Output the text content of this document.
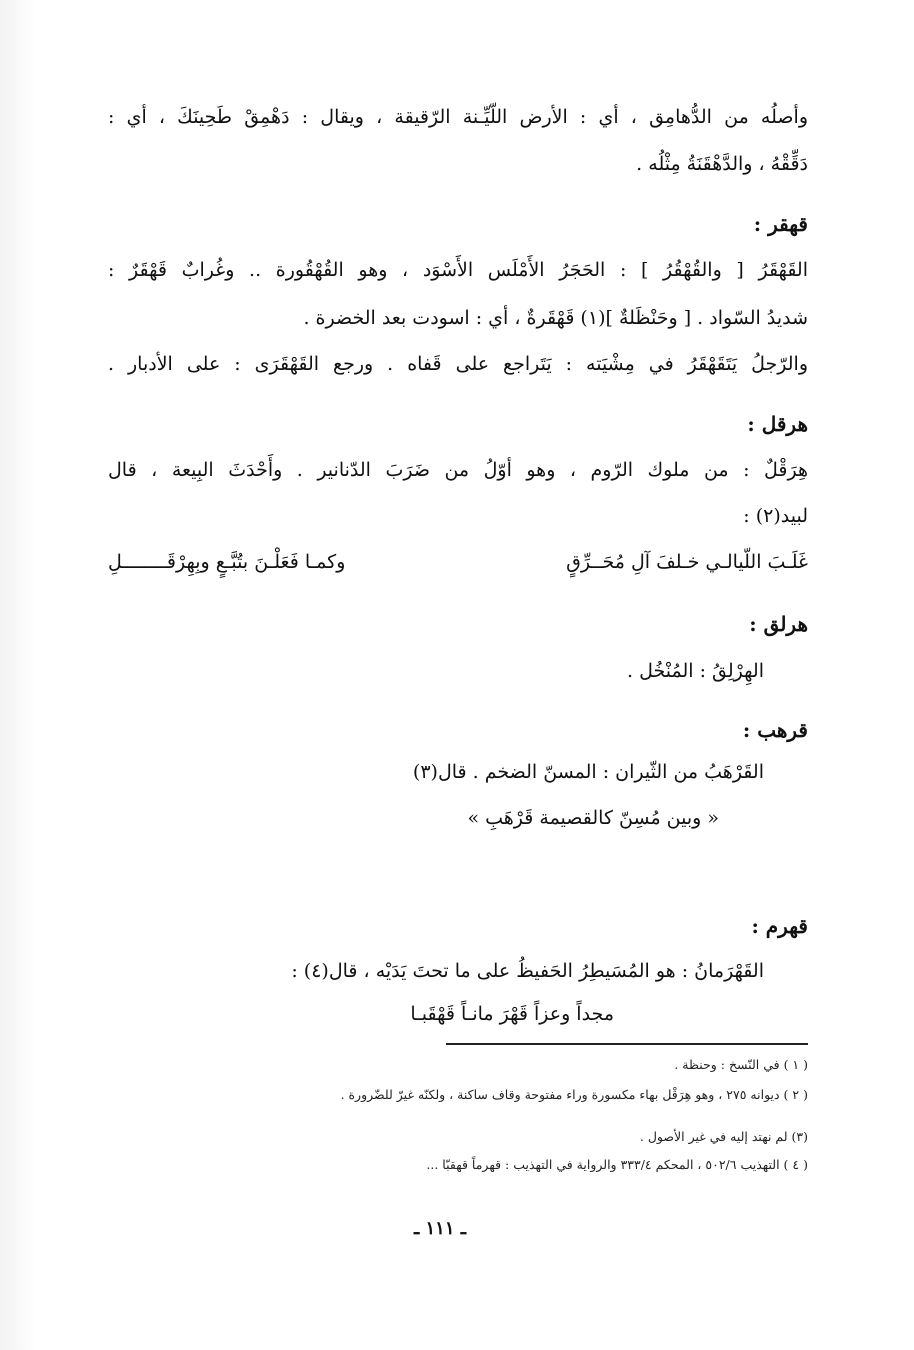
وأصلُه من الدُّهامِق ، أي : الأرض اللّيِّـنة الرّقيقة ، ويقال : دَهْمِقْ طَحِينَكَ ، أي :
دَقِّقْهُ ، والدَّهْقَنَةُ مِثْلُه .
قهقر :
القَهْقَرُ [ والقُهْقُرُ ] : الحَجَرُ الأَمْلَس الأَسْوَد ، وهو القُهْقُورة .. وغُرابٌ قَهْقَرٌ :
شديدُ السّواد . [ وحَنْظَلةٌ ](١) قَهْقَرةٌ ، أي : اسودت بعد الخضرة .
والرّجلُ يَتَقَهْقَرُ في مِشْيَته : يَتَراجع على قَفاه . ورجع القَهْقَرَى : على الأدبار .
هرقل :
هِرَقْلٌ : من ملوك الرّوم ، وهو أوّلُ من ضَرَبَ الدّنانير . وأَحْدَثَ البِيعة ، قال
لبيد(٢) :
غَلَـبَ اللّيالـي خـلفَ آلِ مُحَــرِّقٍ
وكمـا فَعَلْـنَ بتُبَّـعٍ وبِهِرْقَــــــــلِ
هرلق :
الهِرْلِقُ : المُنْخُل .
قرهب :
القَرْهَبُ من الثّيران : المسنّ الضخم . قال(٣)
« وبين مُسِنّ كالقصيمة قَرْهَبِ »
قهرم :
القَهْرَمانُ : هو المُسَيطِرُ الحَفيظُ على ما تحتَ يَدَيْه ، قال(٤) :
مجداً وعزاً قَهْرَ مانـاً قَهْقَبـا
( ١ ) في النّسخ : وحنظة .
( ٢ ) ديوانه ٢٧٥ ، وهو هِرَقْل بهاء مكسورة وراء مفتوحة وقاف ساكنة ، ولكنّه غيرّ للضّرورة .
(٣) لم نهتد إليه في غير الأصول .
( ٤ ) التهذيب ٥٠٢/٦ ، المحكم ٣٣٣/٤ والرواية في التهذيب : قهرماً قهقبّا ...
ـ ١١١ ـ
